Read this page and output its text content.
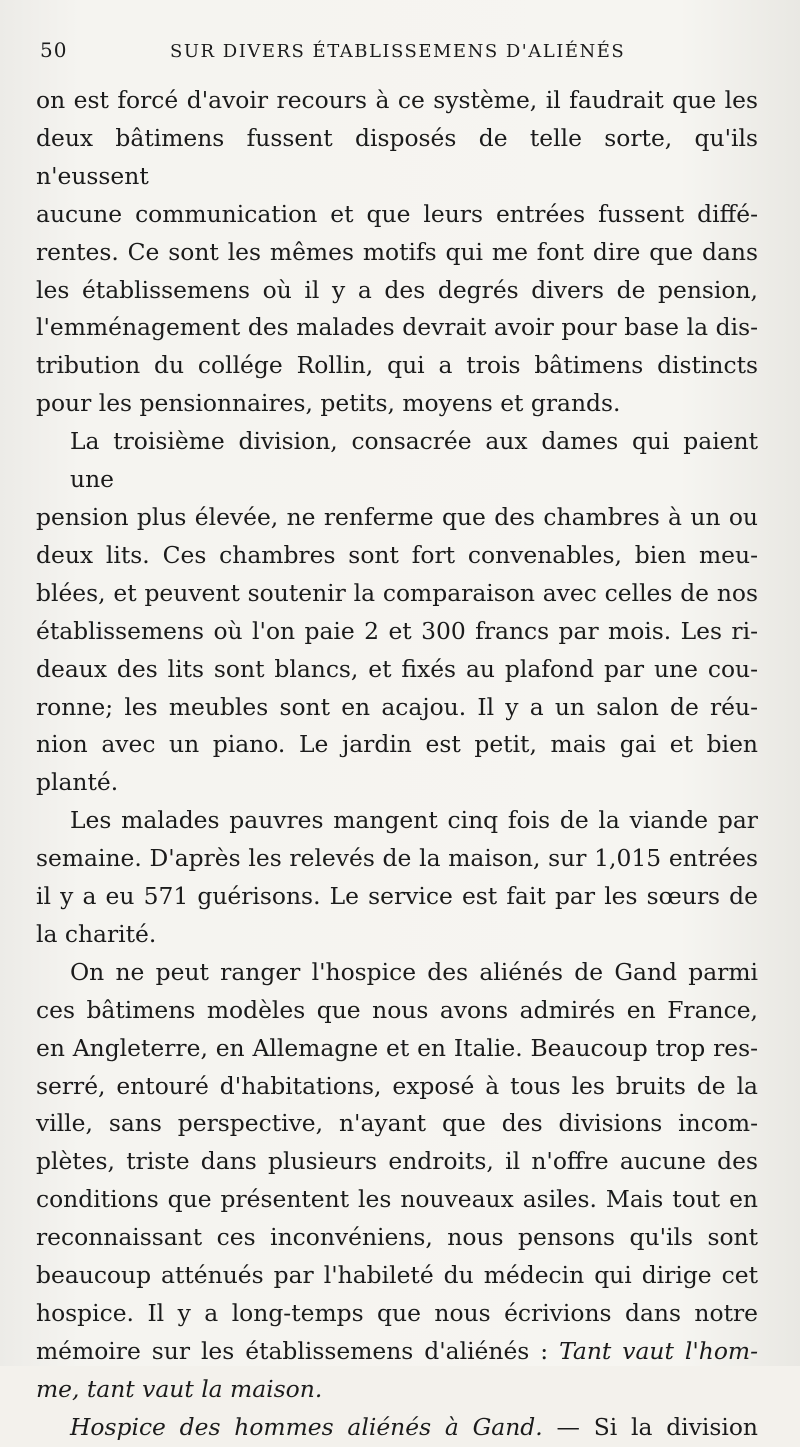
50	SUR DIVERS ÉTABLISSEMENS D'ALIÉNÉS
on est forcé d'avoir recours à ce système, il faudrait que les
deux bâtimens fussent disposés de telle sorte, qu'ils n'eussent
aucune communication et que leurs entrées fussent diffé-
rentes. Ce sont les mêmes motifs qui me font dire que dans
les établissemens où il y a des degrés divers de pension,
l'emménagement des malades devrait avoir pour base la dis-
tribution du collége Rollin, qui a trois bâtimens distincts
pour les pensionnaires, petits, moyens et grands.
La troisième division, consacrée aux dames qui paient une
pension plus élevée, ne renferme que des chambres à un ou
deux lits. Ces chambres sont fort convenables, bien meu-
blées, et peuvent soutenir la comparaison avec celles de nos
établissemens où l'on paie 2 et 300 francs par mois. Les ri-
deaux des lits sont blancs, et fixés au plafond par une cou-
ronne; les meubles sont en acajou. Il y a un salon de réu-
nion avec un piano. Le jardin est petit, mais gai et bien
planté.
Les malades pauvres mangent cinq fois de la viande par
semaine. D'après les relevés de la maison, sur 1,015 entrées
il y a eu 571 guérisons. Le service est fait par les sœurs de
la charité.
On ne peut ranger l'hospice des aliénés de Gand parmi
ces bâtimens modèles que nous avons admirés en France,
en Angleterre, en Allemagne et en Italie. Beaucoup trop res-
serré, entouré d'habitations, exposé à tous les bruits de la
ville, sans perspective, n'ayant que des divisions incom-
plètes, triste dans plusieurs endroits, il n'offre aucune des
conditions que présentent les nouveaux asiles. Mais tout en
reconnaissant ces inconvéniens, nous pensons qu'ils sont
beaucoup atténués par l'habileté du médecin qui dirige cet
hospice. Il y a long-temps que nous écrivions dans notre
mémoire sur les établissemens d'aliénés : Tant vaut l'hom-
me, tant vaut la maison.
Hospice des hommes aliénés à Gand. — Si la division
